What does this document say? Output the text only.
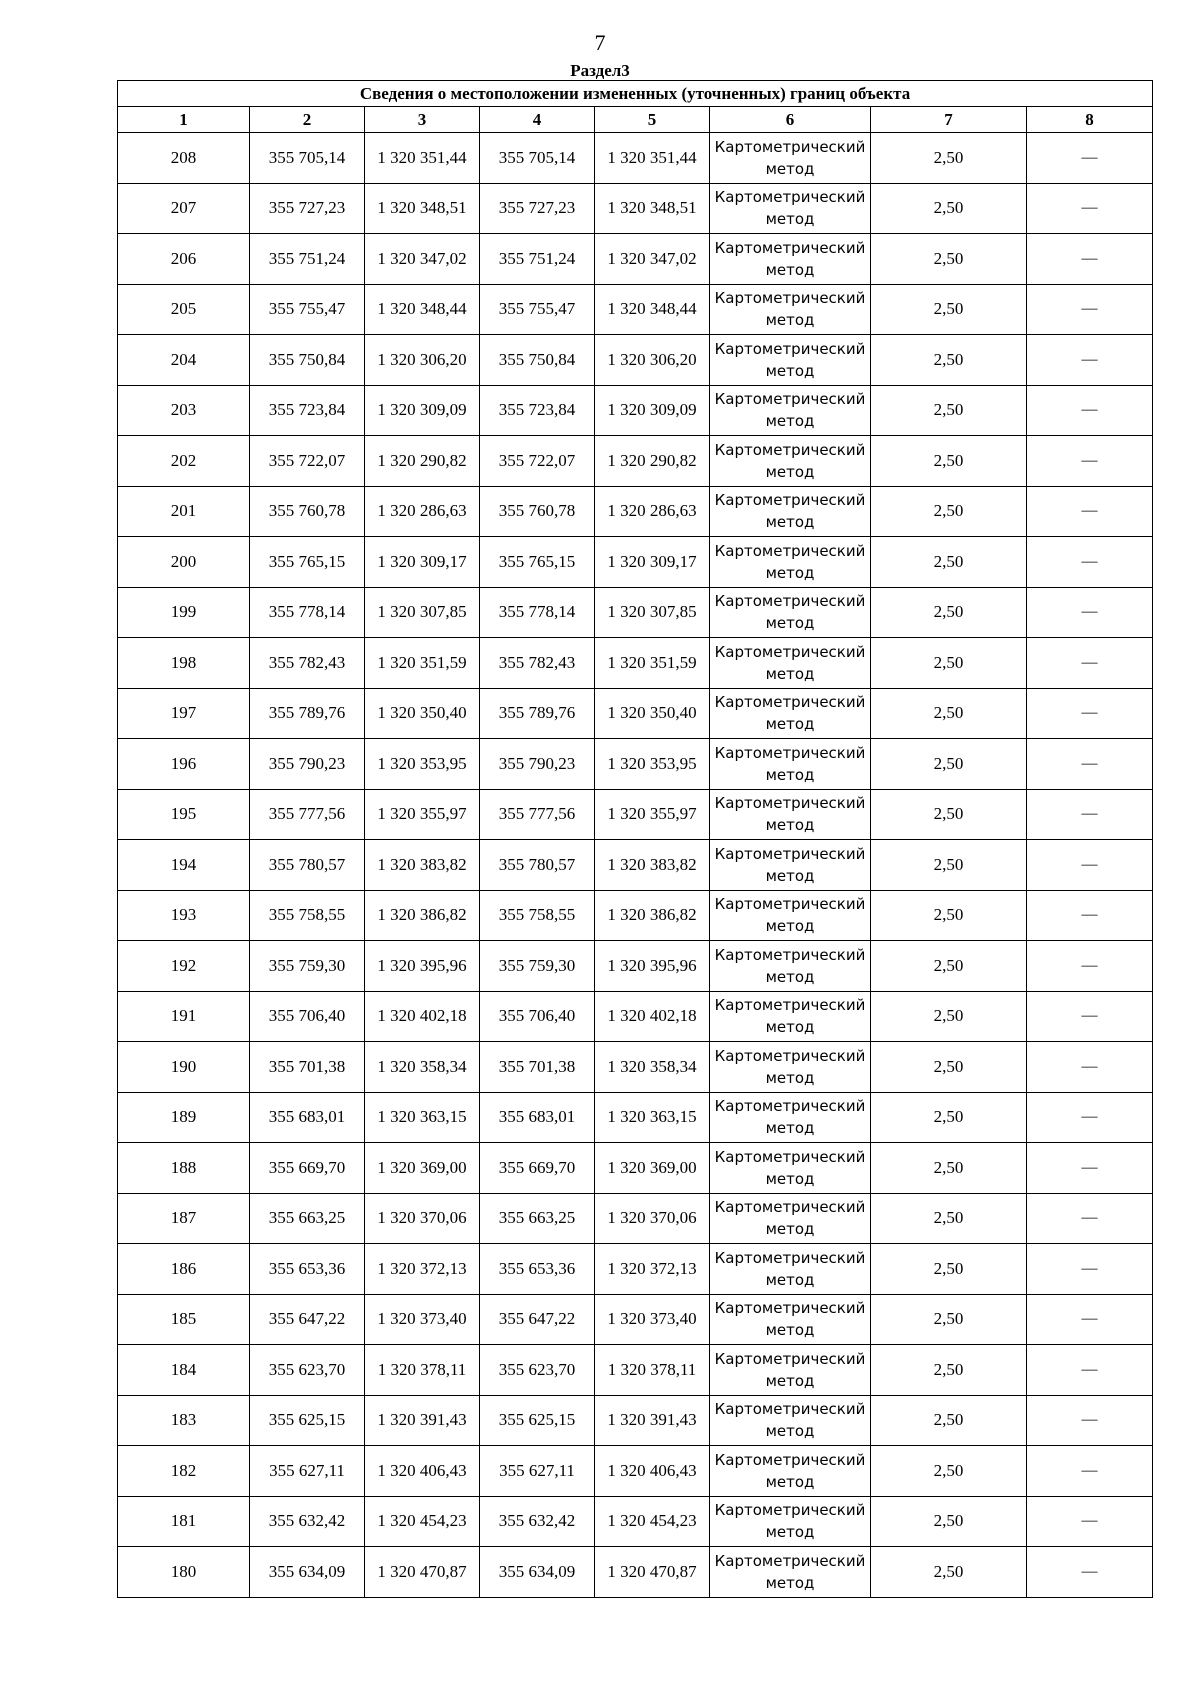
7
Раздел3
Сведения о местоположении измененных (уточненных) границ объекта							
1	2	3	4	5	6	7	8
208	355 705,14	1 320 351,44	355 705,14	1 320 351,44	Картометрический метод	2,50	—
207	355 727,23	1 320 348,51	355 727,23	1 320 348,51	Картометрический метод	2,50	—
206	355 751,24	1 320 347,02	355 751,24	1 320 347,02	Картометрический метод	2,50	—
205	355 755,47	1 320 348,44	355 755,47	1 320 348,44	Картометрический метод	2,50	—
204	355 750,84	1 320 306,20	355 750,84	1 320 306,20	Картометрический метод	2,50	—
203	355 723,84	1 320 309,09	355 723,84	1 320 309,09	Картометрический метод	2,50	—
202	355 722,07	1 320 290,82	355 722,07	1 320 290,82	Картометрический метод	2,50	—
201	355 760,78	1 320 286,63	355 760,78	1 320 286,63	Картометрический метод	2,50	—
200	355 765,15	1 320 309,17	355 765,15	1 320 309,17	Картометрический метод	2,50	—
199	355 778,14	1 320 307,85	355 778,14	1 320 307,85	Картометрический метод	2,50	—
198	355 782,43	1 320 351,59	355 782,43	1 320 351,59	Картометрический метод	2,50	—
197	355 789,76	1 320 350,40	355 789,76	1 320 350,40	Картометрический метод	2,50	—
196	355 790,23	1 320 353,95	355 790,23	1 320 353,95	Картометрический метод	2,50	—
195	355 777,56	1 320 355,97	355 777,56	1 320 355,97	Картометрический метод	2,50	—
194	355 780,57	1 320 383,82	355 780,57	1 320 383,82	Картометрический метод	2,50	—
193	355 758,55	1 320 386,82	355 758,55	1 320 386,82	Картометрический метод	2,50	—
192	355 759,30	1 320 395,96	355 759,30	1 320 395,96	Картометрический метод	2,50	—
191	355 706,40	1 320 402,18	355 706,40	1 320 402,18	Картометрический метод	2,50	—
190	355 701,38	1 320 358,34	355 701,38	1 320 358,34	Картометрический метод	2,50	—
189	355 683,01	1 320 363,15	355 683,01	1 320 363,15	Картометрический метод	2,50	—
188	355 669,70	1 320 369,00	355 669,70	1 320 369,00	Картометрический метод	2,50	—
187	355 663,25	1 320 370,06	355 663,25	1 320 370,06	Картометрический метод	2,50	—
186	355 653,36	1 320 372,13	355 653,36	1 320 372,13	Картометрический метод	2,50	—
185	355 647,22	1 320 373,40	355 647,22	1 320 373,40	Картометрический метод	2,50	—
184	355 623,70	1 320 378,11	355 623,70	1 320 378,11	Картометрический метод	2,50	—
183	355 625,15	1 320 391,43	355 625,15	1 320 391,43	Картометрический метод	2,50	—
182	355 627,11	1 320 406,43	355 627,11	1 320 406,43	Картометрический метод	2,50	—
181	355 632,42	1 320 454,23	355 632,42	1 320 454,23	Картометрический метод	2,50	—
180	355 634,09	1 320 470,87	355 634,09	1 320 470,87	Картометрический метод	2,50	—
